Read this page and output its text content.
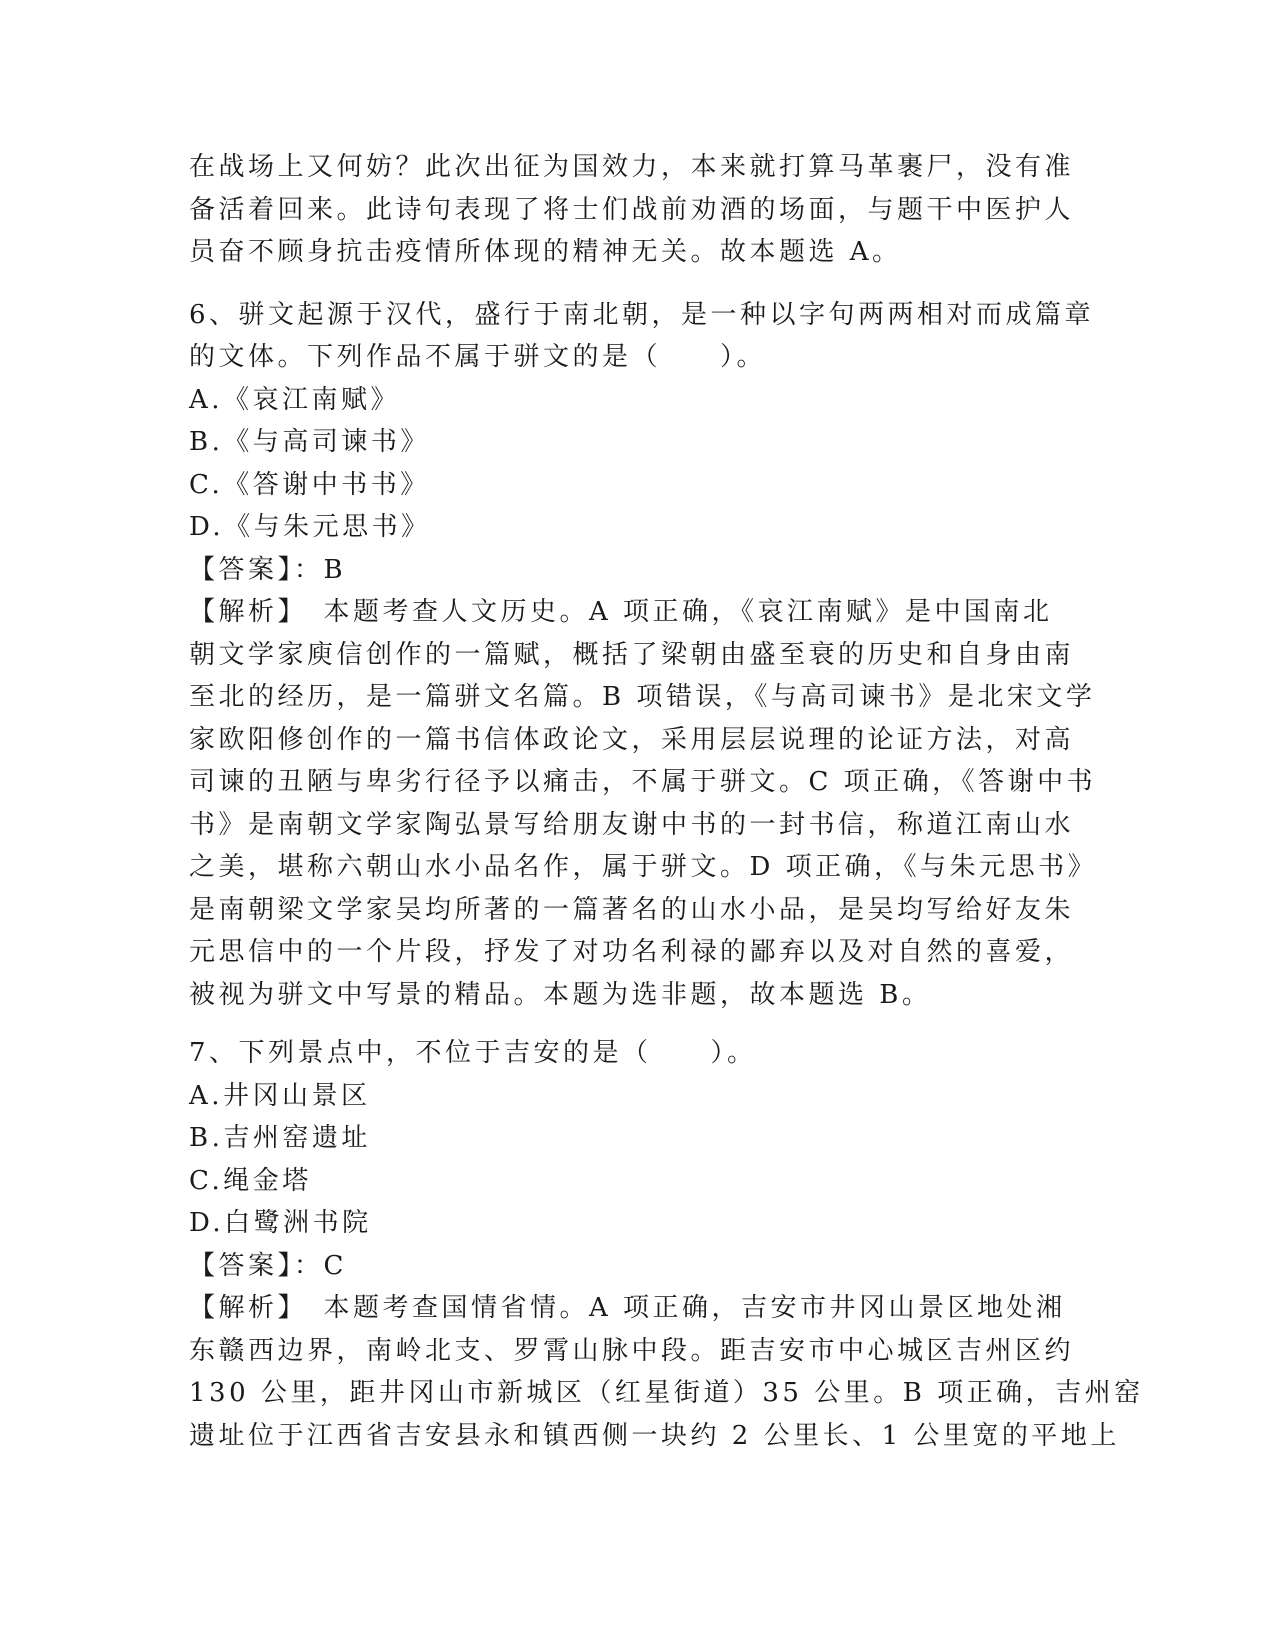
在战场上又何妨？此次出征为国效力，本来就打算马革裹尸，没有准
备活着回来。此诗句表现了将士们战前劝酒的场面，与题干中医护人
员奋不顾身抗击疫情所体现的精神无关。故本题选 A。
6、骈文起源于汉代，盛行于南北朝，是一种以字句两两相对而成篇章
的文体。下列作品不属于骈文的是（　　）。
A.《哀江南赋》
B.《与高司谏书》
C.《答谢中书书》
D.《与朱元思书》
【答案】：B
【解析】　本题考查人文历史。A 项正确，《哀江南赋》是中国南北
朝文学家庾信创作的一篇赋，概括了梁朝由盛至衰的历史和自身由南
至北的经历，是一篇骈文名篇。B 项错误，《与高司谏书》是北宋文学
家欧阳修创作的一篇书信体政论文，采用层层说理的论证方法，对高
司谏的丑陋与卑劣行径予以痛击，不属于骈文。C 项正确，《答谢中书
书》是南朝文学家陶弘景写给朋友谢中书的一封书信，称道江南山水
之美，堪称六朝山水小品名作，属于骈文。D 项正确，《与朱元思书》
是南朝梁文学家吴均所著的一篇著名的山水小品，是吴均写给好友朱
元思信中的一个片段，抒发了对功名利禄的鄙弃以及对自然的喜爱，
被视为骈文中写景的精品。本题为选非题，故本题选 B。
7、下列景点中，不位于吉安的是（　　）。
A.井冈山景区
B.吉州窑遗址
C.绳金塔
D.白鹭洲书院
【答案】：C
【解析】　本题考查国情省情。A 项正确，吉安市井冈山景区地处湘
东赣西边界，南岭北支、罗霄山脉中段。距吉安市中心城区吉州区约
130 公里，距井冈山市新城区（红星街道）35 公里。B 项正确，吉州窑
遗址位于江西省吉安县永和镇西侧一块约 2 公里长、1 公里宽的平地上
